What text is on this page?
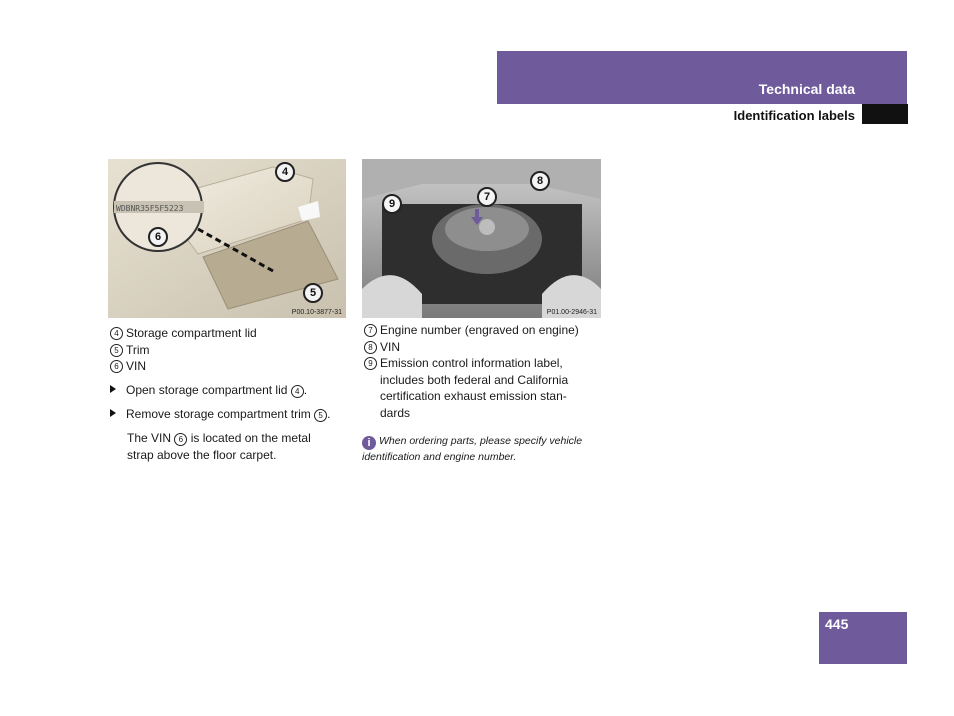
Technical data
Identification labels
WDBNR35F5F5223
4
5
6
P00.10-3877-31
8
7
9
P01.00-2946-31
4 Storage compartment lid
5 Trim
6 VIN
Open storage compartment lid 4 .
Remove storage compartment trim 5 .
The VIN 6 is located on the metal
strap above the floor carpet.
7 Engine number (engraved on engine)
8 VIN
9 Emission control information label, includes both federal and California certification exhaust emission stan-dards
i When ordering parts, please specify vehicle identification and engine number.
445
